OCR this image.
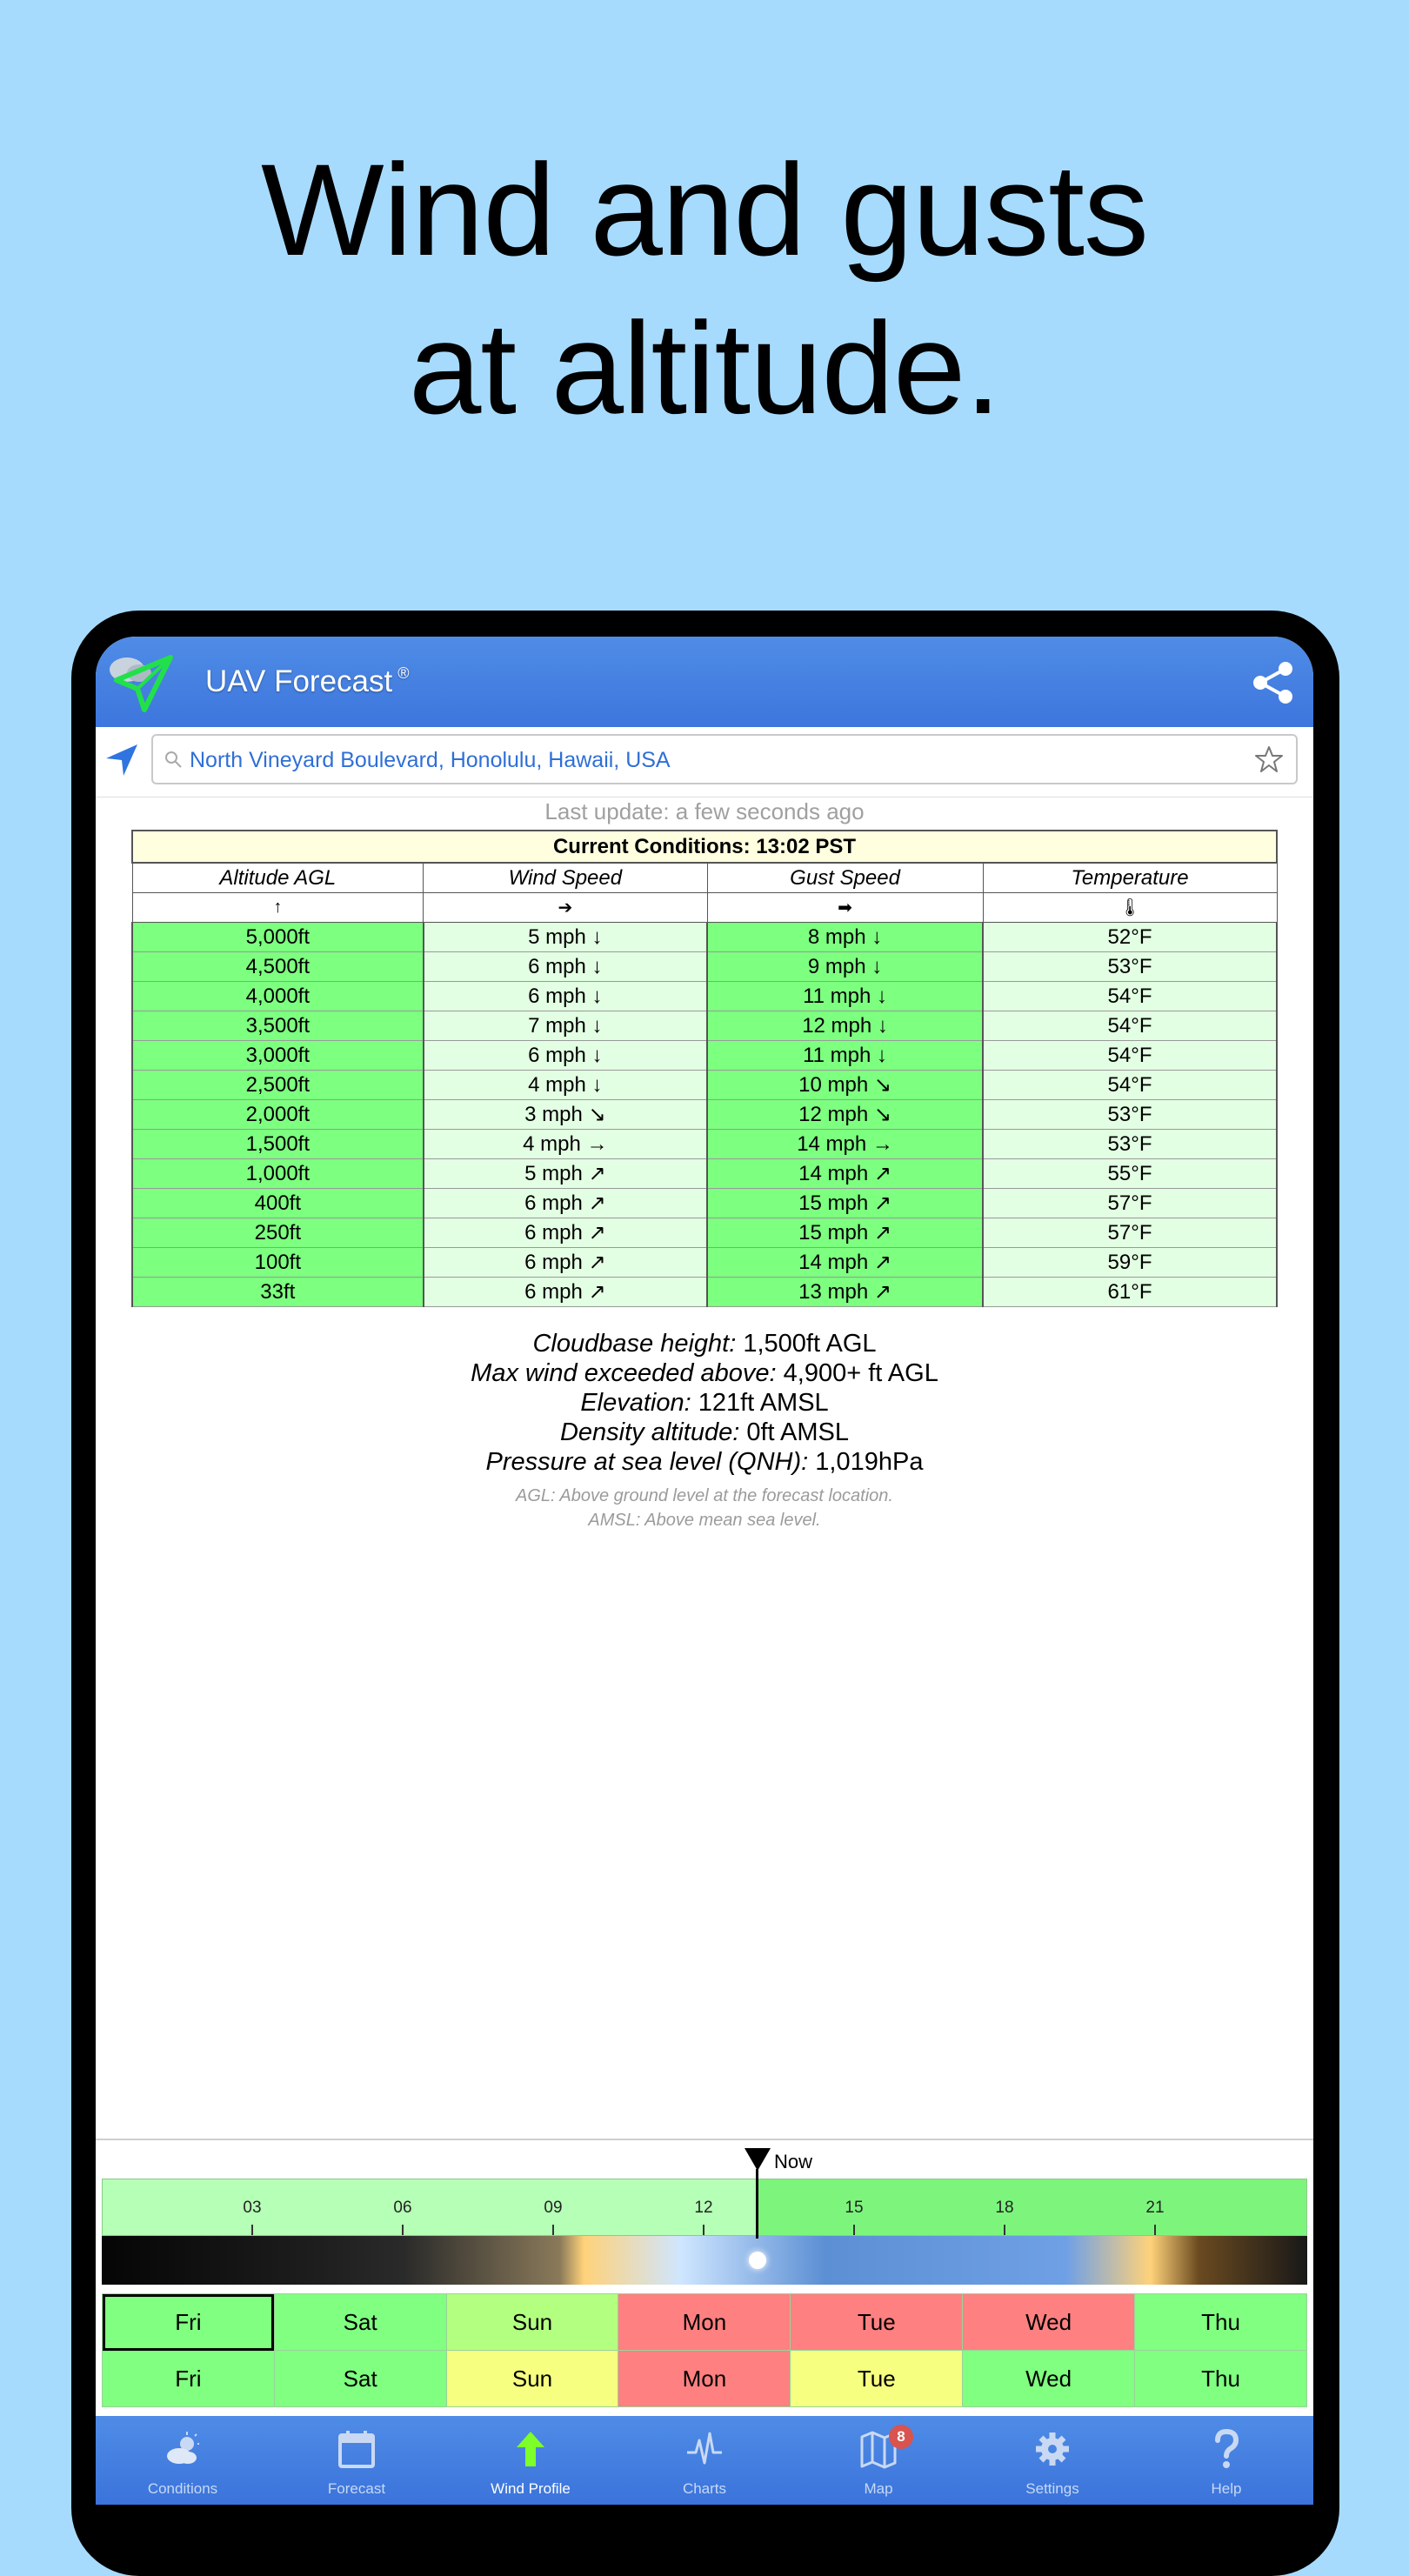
Wind and gusts
at altitude.
UAV Forecast ®
North Vineyard Boulevard, Honolulu, Hawaii, USA
Last update: a few seconds ago
Current Conditions: 13:02 PST			
Altitude AGL	Wind Speed	Gust Speed	Temperature
↑	➔	➡	🌡
5,000ft	5 mph ↓	8 mph ↓	52°F
4,500ft	6 mph ↓	9 mph ↓	53°F
4,000ft	6 mph ↓	11 mph ↓	54°F
3,500ft	7 mph ↓	12 mph ↓	54°F
3,000ft	6 mph ↓	11 mph ↓	54°F
2,500ft	4 mph ↓	10 mph ↘	54°F
2,000ft	3 mph ↘	12 mph ↘	53°F
1,500ft	4 mph →	14 mph →	53°F
1,000ft	5 mph ↗	14 mph ↗	55°F
400ft	6 mph ↗	15 mph ↗	57°F
250ft	6 mph ↗	15 mph ↗	57°F
100ft	6 mph ↗	14 mph ↗	59°F
33ft	6 mph ↗	13 mph ↗	61°F
Cloudbase height: 1,500ft AGL
Max wind exceeded above: 4,900+ ft AGL
Elevation: 121ft AMSL
Density altitude: 0ft AMSL
Pressure at sea level (QNH): 1,019hPa
AGL: Above ground level at the forecast location.
AMSL: Above mean sea level.
03	06	09	12	15	18	21
Now
Fri	Sat	Sun	Mon	Tue	Wed	Thu
Fri	Sat	Sun	Mon	Tue	Wed	Thu
Conditions	Forecast	Wind Profile	Charts
8
Map	Settings	Help
